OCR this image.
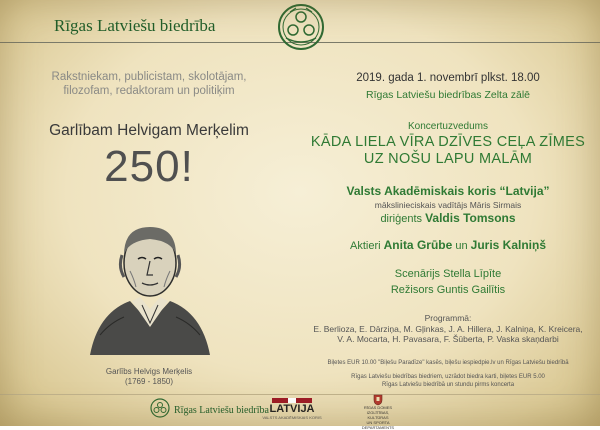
Rīgas Latviešu biedrība
Rakstniekam, publicistam, skolotājam,
filozofam, redaktoram un politiķim
Garlībam Helvigam Merķelim
250!
Garlībs Helvigs Merķelis
(1769 - 1850)
2019. gada 1. novembrī plkst. 18.00
Rīgas Latviešu biedrības Zelta zālē
Koncertuzvedums
KĀDA LIELA VĪRA DZĪVES CEĻA ZĪMES
UZ NOŠU LAPU MALĀM
Valsts Akadēmiskais koris “Latvija”
mākslinieciskais vadītājs Māris Sirmais
diriģents Valdis Tomsons
Aktieri Anita Grūbe un Juris Kalniņš
Scenārijs Stella Līpīte
Režisors Guntis Gailītis
Programmā:
E. Berlioza, E. Dārziņa, M. Gļinkas, J. A. Hillera, J. Kalniņa, K. Kreicera,
V. A. Mocarta, H. Pavasara, F. Šūberta, P. Vaska skaņdarbi
Biļetes EUR 10.00 "Biļešu Paradīze" kasēs, biļešu iespiedpie.lv un Rīgas Latviešu biedrībā
Rīgas Latviešu biedrības biedriem, uzrādot biedra karti, biļetes EUR 5.00
Rīgas Latviešu biedrībā un stundu pirms koncerta
Rīgas Latviešu biedrība LATVIJA
VALSTS AKADĒMISKAIS KORIS
RĪGAS DOMES
IZGLĪTĪBAS, KULTŪRAS
UN SPORTA DEPARTAMENTS
